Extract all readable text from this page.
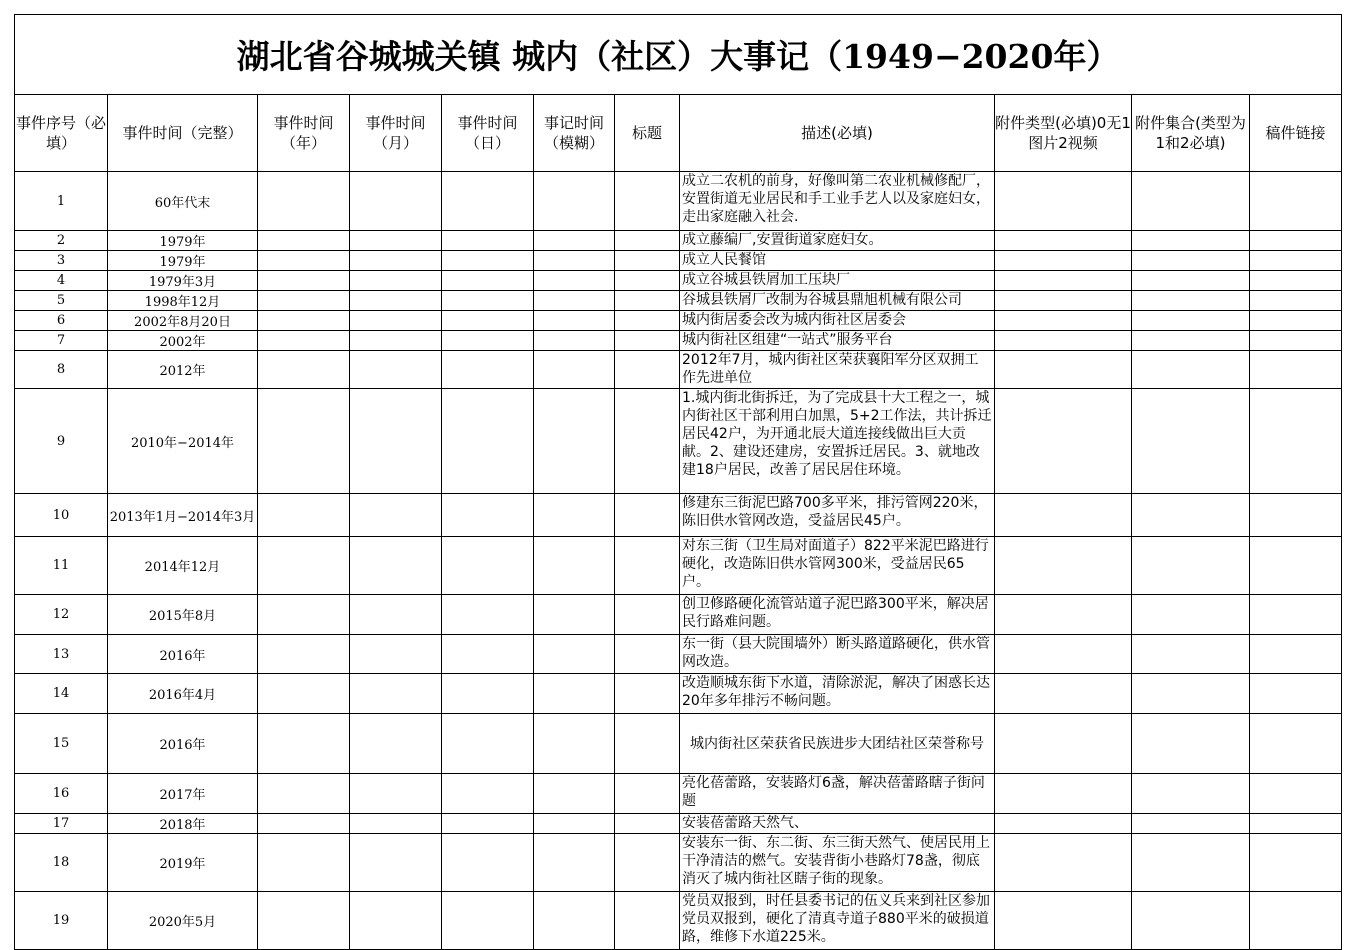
湖北省谷城城关镇 城内（社区）大事记（1949−2020年）										
事件序号（必填）	事件时间（完整）	事件时间（年）	事件时间（月）	事件时间（日）	事记时间（模糊）	标题	描述(必填)	附件类型(必填)0无1图片2视频	附件集合(类型为1和2必填)	稿件链接
1	60年代末						成立二农机的前身，好像叫第二农业机械修配厂，安置街道无业居民和手工业手艺人以及家庭妇女，走出家庭融入社会.			
2	1979年						成立藤编厂,安置街道家庭妇女。			
3	1979年						成立人民餐馆			
4	1979年3月						成立谷城县铁屑加工压块厂			
5	1998年12月						谷城县铁屑厂改制为谷城县鼎旭机械有限公司			
6	2002年8月20日						城内街居委会改为城内街社区居委会			
7	2002年						城内街社区组建“一站式”服务平台			
8	2012年						2012年7月，城内街社区荣获襄阳军分区双拥工作先进单位			
9	2010年−2014年						1.城内街北街拆迁，为了完成县十大工程之一，城内街社区干部利用白加黑，5+2工作法，共计拆迁居民42户，为开通北辰大道连接线做出巨大贡献。2、建设还建房，安置拆迁居民。3、就地改建18户居民，改善了居民居住环境。			
10	2013年1月−2014年3月						修建东三街泥巴路700多平米，排污管网220米，陈旧供水管网改造，受益居民45户。			
11	2014年12月						对东三街（卫生局对面道子）822平米泥巴路进行硬化，改造陈旧供水管网300米，受益居民65户。			
12	2015年8月						创卫修路硬化流管站道子泥巴路300平米，解决居民行路难问题。			
13	2016年						东一街（县大院围墙外）断头路道路硬化，供水管网改造。			
14	2016年4月						改造顺城东街下水道，清除淤泥，解决了困惑长达20年多年排污不畅问题。			
15	2016年						城内街社区荣获省民族进步大团结社区荣誉称号			
16	2017年						亮化蓓蕾路，安装路灯6盏，解决蓓蕾路瞎子街问题			
17	2018年						安装蓓蕾路天然气、			
18	2019年						安装东一街、东二街、东三街天然气、使居民用上干净清洁的燃气。安装背街小巷路灯78盏，彻底消灭了城内街社区瞎子街的现象。			
19	2020年5月						党员双报到，时任县委书记的伍义兵来到社区参加党员双报到，硬化了清真寺道子880平米的破损道路，维修下水道225米。			
